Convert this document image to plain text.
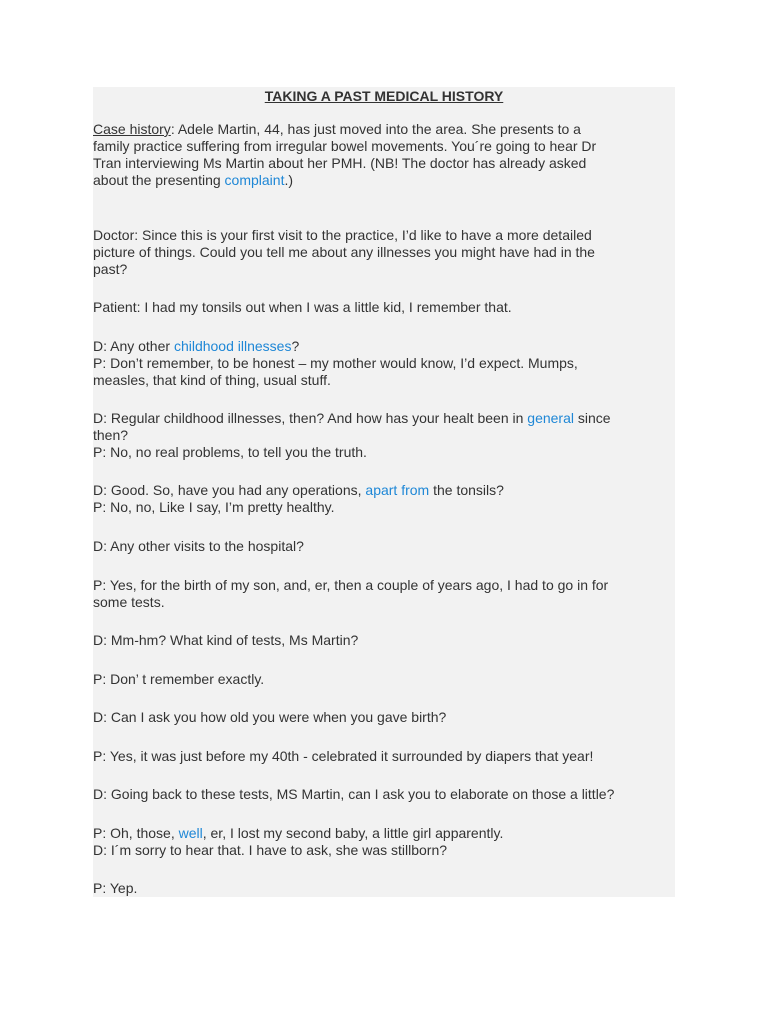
TAKING A PAST MEDICAL HISTORY

Case history: Adele Martin, 44, has just moved into the area. She presents to a
family practice suffering from irregular bowel movements. You´re going to hear Dr
Tran interviewing Ms Martin about her PMH. (NB! The doctor has already asked
about the presenting complaint.)

Doctor: Since this is your first visit to the practice, I’d like to have a more detailed
picture of things. Could you tell me about any illnesses you might have had in the
past?

Patient: I had my tonsils out when I was a little kid, I remember that.

D: Any other childhood illnesses?
P: Don’t remember, to be honest – my mother would know, I’d expect. Mumps,
measles, that kind of thing, usual stuff.

D: Regular childhood illnesses, then? And how has your healt been in general since
then?
P: No, no real problems, to tell you the truth.

D: Good. So, have you had any operations, apart from the tonsils?
P: No, no, Like I say, I’m pretty healthy.

D: Any other visits to the hospital?

P: Yes, for the birth of my son, and, er, then a couple of years ago, I had to go in for
some tests.

D: Mm-hm? What kind of tests, Ms Martin?

P: Don’ t remember exactly.

D: Can I ask you how old you were when you gave birth?

P: Yes, it was just before my 40th - celebrated it surrounded by diapers that year!

D: Going back to these tests, MS Martin, can I ask you to elaborate on those a little?

P: Oh, those, well, er, I lost my second baby, a little girl apparently.
D: I´m sorry to hear that. I have to ask, she was stillborn?

P: Yep.
